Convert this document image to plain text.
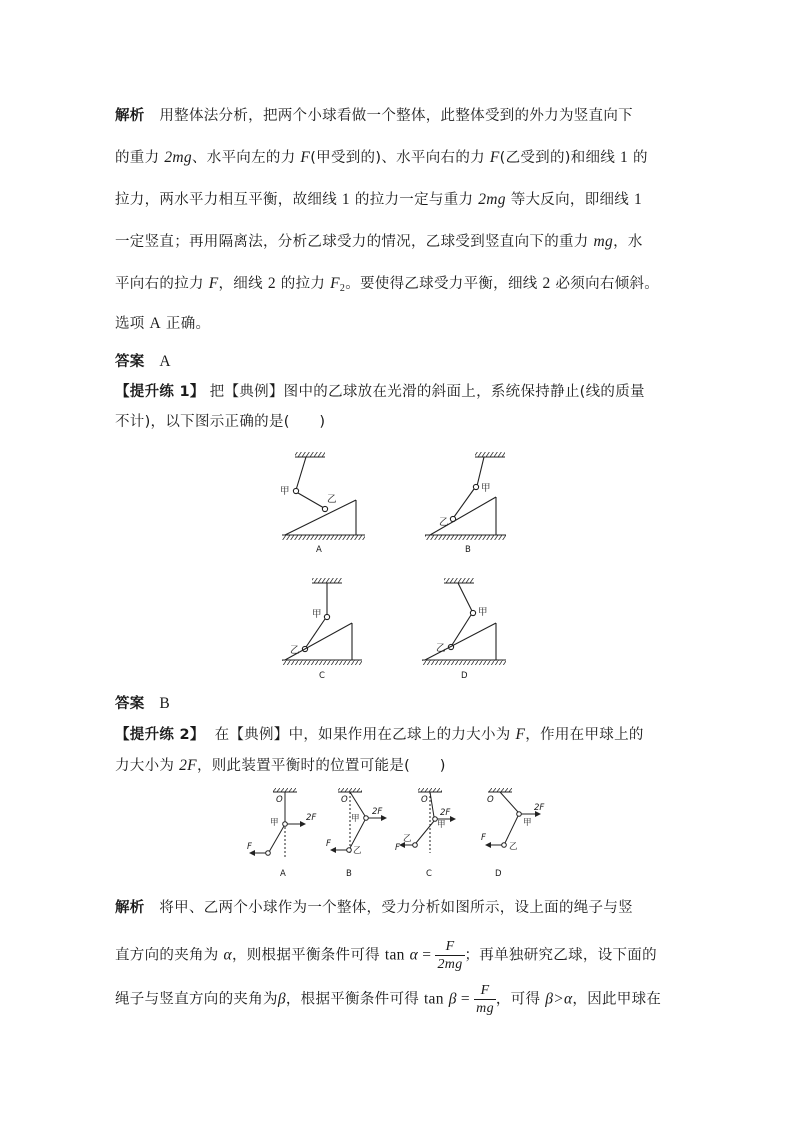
解析 用整体法分析，把两个小球看做一个整体，此整体受到的外力为竖直向下
的重力 2mg、水平向左的力 F(甲受到的)、水平向右的力 F(乙受到的)和细线 1 的
拉力，两水平力相互平衡，故细线 1 的拉力一定与重力 2mg 等大反向，即细线 1
一定竖直；再用隔离法，分析乙球受力的情况，乙球受到竖直向下的重力 mg，水
平向右的拉力 F，细线 2 的拉力 $F_2$。要使得乙球受力平衡，细线 2 必须向右倾斜。
选项 A 正确。
答案 A
【提升练 1】 把【典例】图中的乙球放在光滑的斜面上，系统保持静止(线的质量
不计)，以下图示正确的是(　　)
甲
乙
A
甲
乙
B
甲
乙
C
甲
乙
D
答案 B
【提升练 2】 在【典例】中，如果作用在乙球上的力大小为 F，作用在甲球上的
力大小为 2F，则此装置平衡时的位置可能是(　　)
O
甲	2F
F
A
O
甲
2F
F
乙
B
O
甲
2F
乙
F
C
O
甲
2F
F
乙
D
解析 将甲、乙两个小球作为一个整体，受力分析如图所示，设上面的绳子与竖
直方向的夹角为 α，则根据平衡条件可得 $\tan \alpha = \frac{F}{2mg}$ ；再单独研究乙球，设下面的
绳子与竖直方向的夹角为β，根据平衡条件可得 $\tan \beta = \frac{F}{mg}$ ，可得 β>α，因此甲球在
